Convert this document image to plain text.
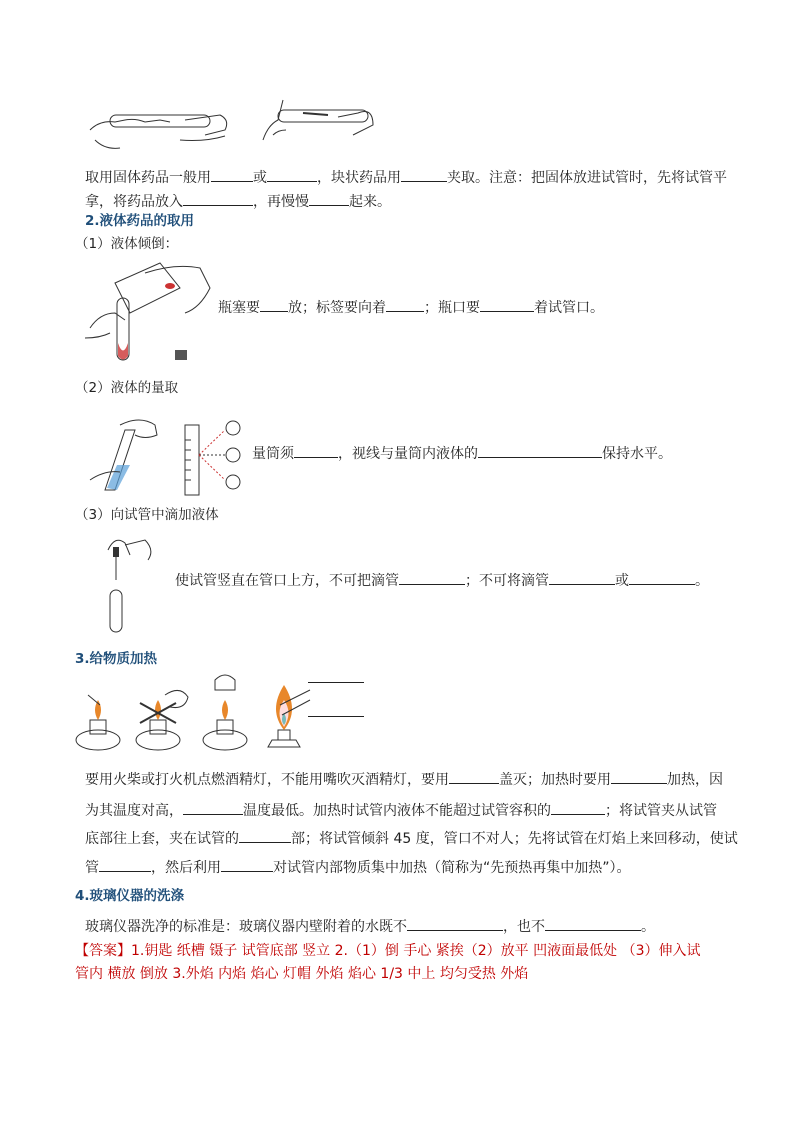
取用固体药品一般用	或	，块状药品用	夹取。注意：把固体放进试管时，先将试管平
拿，将药品放入	，再慢慢	起来。
2.液体药品的取用
（1）液体倾倒：
瓶塞要 放；标签要向着	；瓶口要	着试管口。
（2）液体的量取
量筒须	，视线与量筒内液体的	保持水平。
（3）向试管中滴加液体
使试管竖直在管口上方，不可把滴管	；不可将滴管	或	。
3.给物质加热
要用火柴或打火机点燃酒精灯，不能用嘴吹灭酒精灯，要用	盖灭；加热时要用	加热，因
为其温度对高，	温度最低。加热时试管内液体不能超过试管容积的	；将试管夹从试管
底部往上套，夹在试管的	部；将试管倾斜 45 度，管口不对人；先将试管在灯焰上来回移动，使试
管	，然后利用	对试管内部物质集中加热（简称为“先预热再集中加热”）。
4.玻璃仪器的洗涤
玻璃仪器洗净的标准是：玻璃仪器内壁附着的水既不	，也不	。
【答案】1.钥匙 纸槽 镊子 试管底部 竖立 2.（1）倒 手心 紧挨（2）放平 凹液面最低处 （3）伸入试
管内 横放 倒放 3.外焰 内焰 焰心 灯帽 外焰 焰心 1/3 中上 均匀受热 外焰
